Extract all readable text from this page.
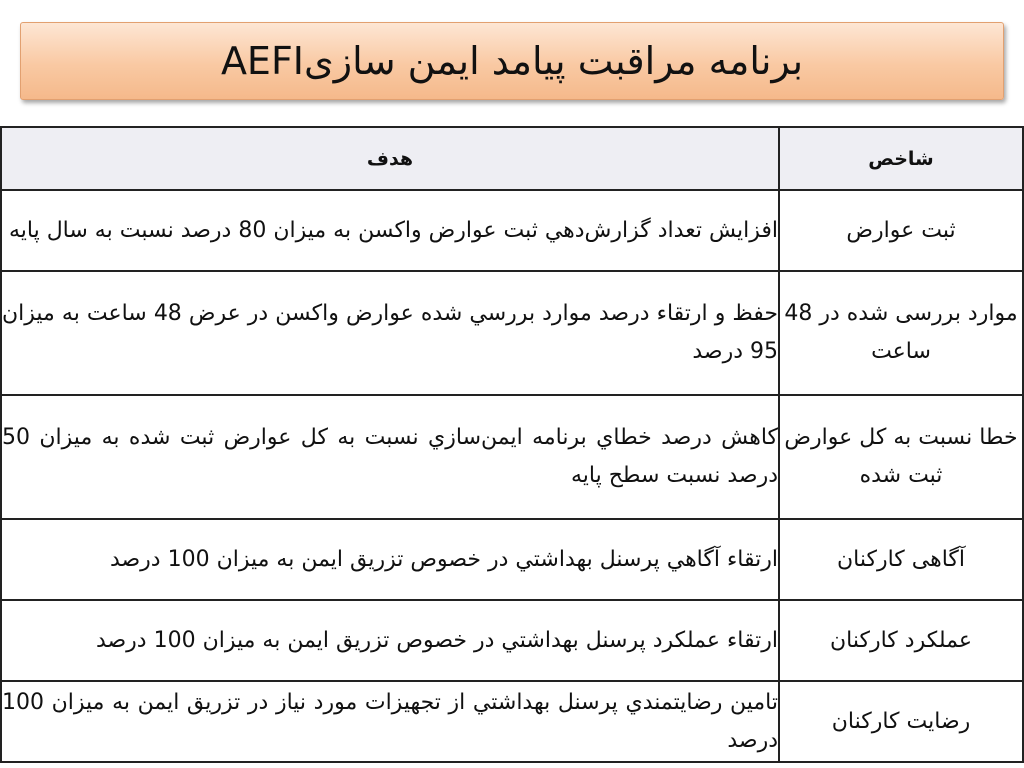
برنامه مراقبت پیامد ایمن سازیAEFI
شاخص	هدف
ثبت عوارض	افزايش تعداد گزارش‌دهي ثبت عوارض واکسن به ميزان 80 درصد نسبت به سال پايه
موارد بررسی شده در 48 ساعت	حفظ و ارتقاء درصد موارد بررسي شده عوارض واکسن در عرض 48 ساعت به ميزان 95 درصد
خطا نسبت به کل عوارض ثبت شده	کاهش درصد خطاي برنامه ايمن‌سازي نسبت به کل عوارض ثبت شده به ميزان 50 درصد نسبت سطح پايه
آگاهی کارکنان	ارتقاء آگاهي پرسنل بهداشتي در خصوص تزريق ايمن به ميزان 100 درصد
عملکرد کارکنان	ارتقاء عملکرد پرسنل بهداشتي در خصوص تزريق ايمن به ميزان 100 درصد
رضایت کارکنان	تامين رضايتمندي پرسنل بهداشتي از تجهيزات مورد نياز در تزريق ايمن به ميزان 100 درصد
